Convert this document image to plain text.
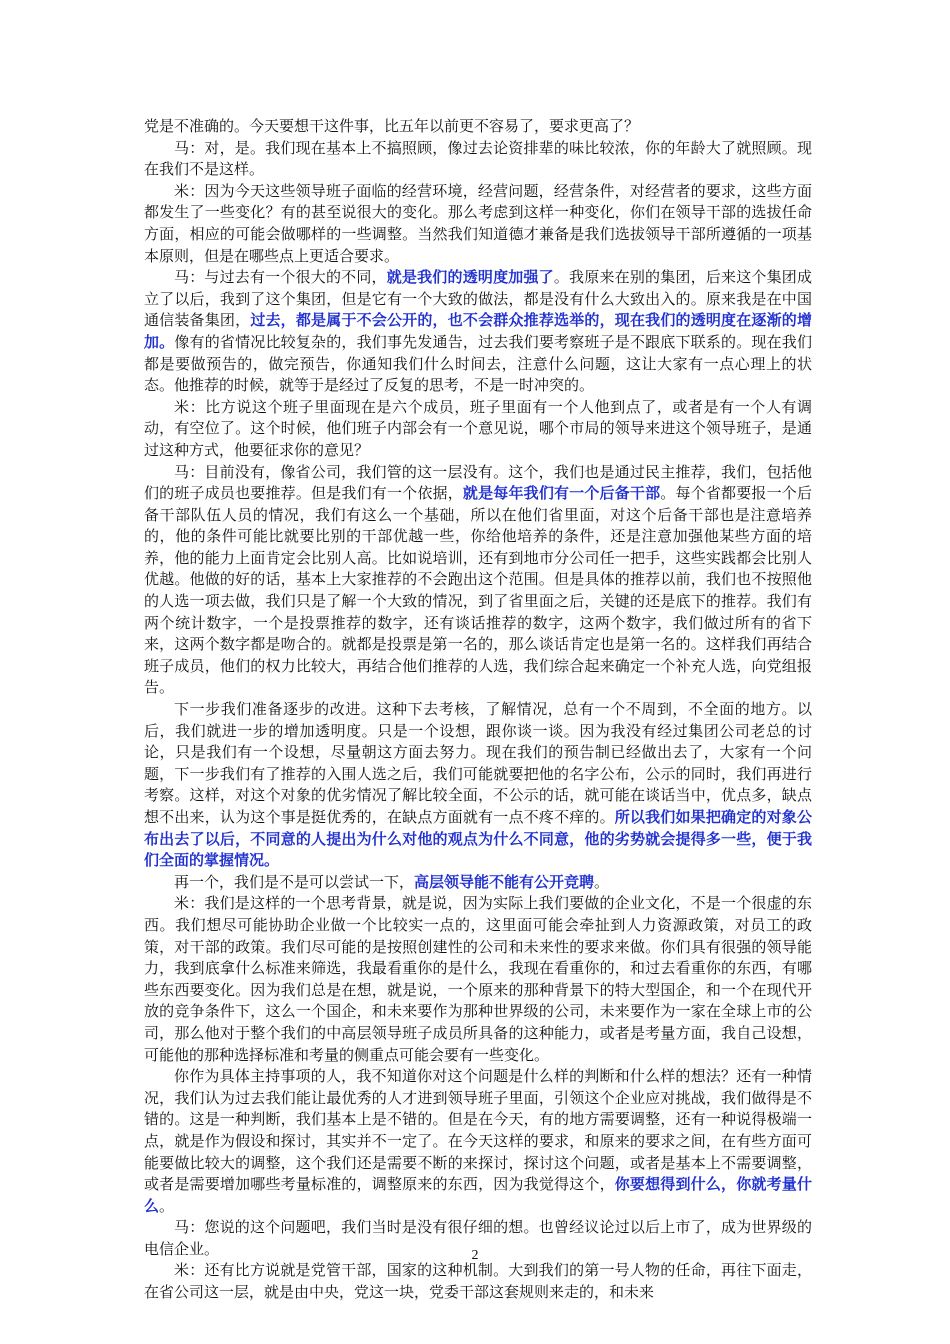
党是不准确的。今天要想干这件事，比五年以前更不容易了，要求更高了？

马：对，是。我们现在基本上不搞照顾，像过去论资排辈的味比较浓，你的年龄大了就照顾。现在我们不是这样。

米：因为今天这些领导班子面临的经营环境，经营问题，经营条件，对经营者的要求，这些方面都发生了一些变化？有的甚至说很大的变化。那么考虑到这样一种变化，你们在领导干部的选拔任命方面，相应的可能会做哪样的一些调整。当然我们知道德才兼备是我们选拔领导干部所遵循的一项基本原则，但是在哪些点上更适合要求。

马：与过去有一个很大的不同，就是我们的透明度加强了。我原来在别的集团，后来这个集团成立了以后，我到了这个集团，但是它有一个大致的做法，都是没有什么大致出入的。原来我是在中国通信装备集团，过去，都是属于不会公开的，也不会群众推荐选举的，现在我们的透明度在逐渐的增加。像有的省情况比较复杂的，我们事先发通告，过去我们要考察班子是不跟底下联系的。现在我们都是要做预告的，做完预告，你通知我们什么时间去，注意什么问题，这让大家有一点心理上的状态。他推荐的时候，就等于是经过了反复的思考，不是一时冲突的。

米：比方说这个班子里面现在是六个成员，班子里面有一个人他到点了，或者是有一个人有调动，有空位了。这个时候，他们班子内部会有一个意见说，哪个市局的领导来进这个领导班子，是通过这种方式，他要征求你的意见？

马：目前没有，像省公司，我们管的这一层没有。这个，我们也是通过民主推荐，我们，包括他们的班子成员也要推荐。但是我们有一个依据，就是每年我们有一个后备干部。每个省都要报一个后备干部队伍人员的情况，我们有这么一个基础，所以在他们省里面，对这个后备干部也是注意培养的，他的条件可能比就要比别的干部优越一些，你给他培养的条件，还是注意加强他某些方面的培养，他的能力上面肯定会比别人高。比如说培训，还有到地市分公司任一把手，这些实践都会比别人优越。他做的好的话，基本上大家推荐的不会跑出这个范围。但是具体的推荐以前，我们也不按照他的人选一项去做，我们只是了解一个大致的情况，到了省里面之后，关键的还是底下的推荐。我们有两个统计数字，一个是投票推荐的数字，还有谈话推荐的数字，这两个数字，我们做过所有的省下来，这两个数字都是吻合的。就都是投票是第一名的，那么谈话肯定也是第一名的。这样我们再结合班子成员，他们的权力比较大，再结合他们推荐的人选，我们综合起来确定一个补充人选，向党组报告。

下一步我们准备逐步的改进。这种下去考核，了解情况，总有一个不周到，不全面的地方。以后，我们就进一步的增加透明度。只是一个设想，跟你谈一谈。因为我没有经过集团公司老总的讨论，只是我们有一个设想，尽量朝这方面去努力。现在我们的预告制已经做出去了，大家有一个问题，下一步我们有了推荐的入围人选之后，我们可能就要把他的名字公布，公示的同时，我们再进行考察。这样，对这个对象的优劣情况了解比较全面，不公示的话，就可能在谈话当中，优点多，缺点想不出来，认为这个事是挺优秀的，在缺点方面就有一点不疼不痒的。所以我们如果把确定的对象公布出去了以后，不同意的人提出为什么对他的观点为什么不同意，他的劣势就会提得多一些，便于我们全面的掌握情况。

再一个，我们是不是可以尝试一下，高层领导能不能有公开竞聘。

米：我们是这样的一个思考背景，就是说，因为实际上我们要做的企业文化，不是一个很虚的东西。我们想尽可能协助企业做一个比较实一点的，这里面可能会牵扯到人力资源政策，对员工的政策，对干部的政策。我们尽可能的是按照创建性的公司和未来性的要求来做。你们具有很强的领导能力，我到底拿什么标准来筛选，我最看重你的是什么，我现在看重你的，和过去看重你的东西，有哪些东西要变化。因为我们总是在想，就是说，一个原来的那种背景下的特大型国企，和一个在现代开放的竞争条件下，这么一个国企，和未来要作为那种世界级的公司，未来要作为一家在全球上市的公司，那么他对于整个我们的中高层领导班子成员所具备的这种能力，或者是考量方面，我自己设想，可能他的那种选择标准和考量的侧重点可能会要有一些变化。

你作为具体主持事项的人，我不知道你对这个问题是什么样的判断和什么样的想法？还有一种情况，我们认为过去我们能让最优秀的人才进到领导班子里面，引领这个企业应对挑战，我们做得是不错的。这是一种判断，我们基本上是不错的。但是在今天，有的地方需要调整，还有一种说得极端一点，就是作为假设和探讨，其实并不一定了。在今天这样的要求，和原来的要求之间，在有些方面可能要做比较大的调整，这个我们还是需要不断的来探讨，探讨这个问题，或者是基本上不需要调整，或者是需要增加哪些考量标准的，调整原来的东西，因为我觉得这个，你要想得到什么，你就考量什么。

马：您说的这个问题吧，我们当时是没有很仔细的想。也曾经议论过以后上市了，成为世界级的电信企业。

米：还有比方说就是党管干部，国家的这种机制。大到我们的第一号人物的任命，再往下面走，在省公司这一层，就是由中央，党这一块，党委干部这套规则来走的，和未来

2
